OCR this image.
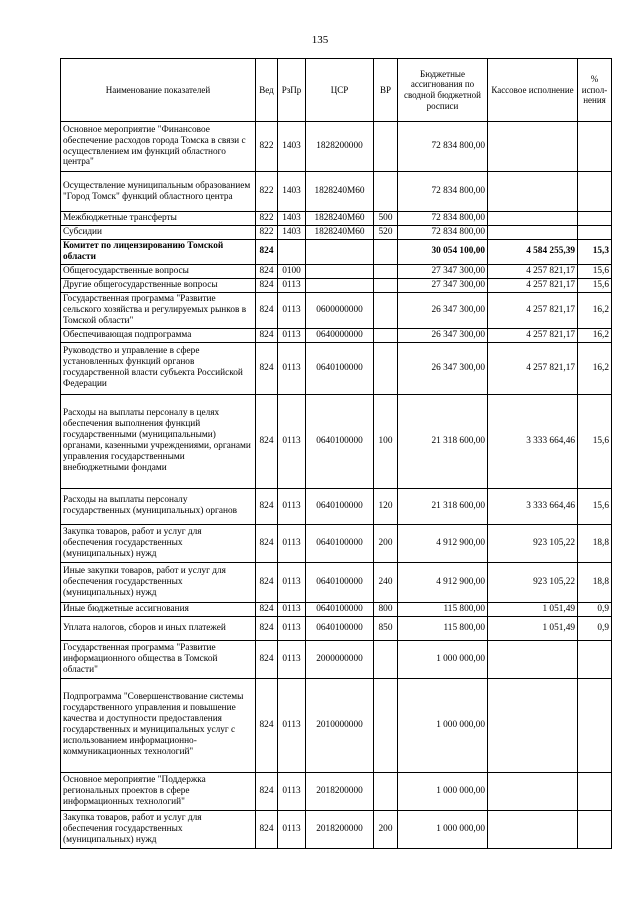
135
Наименование показателей	Вед	РзПр	ЦСР	ВР	Бюджетные ассигнования по сводной бюджетной росписи	Кассовое исполнение	% испол-нения
Основное мероприятие "Финансовое обеспечение расходов города Томска в связи с осуществлением им функций областного центра"	822	1403	1828200000		72 834 800,00		
Осуществление муниципальным образованием "Город Томск" функций областного центра	822	1403	1828240М60		72 834 800,00		
Межбюджетные трансферты	822	1403	1828240М60	500	72 834 800,00		
Субсидии	822	1403	1828240М60	520	72 834 800,00		
Комитет по лицензированию Томской области	824				30 054 100,00	4 584 255,39	15,3
Общегосударственные вопросы	824	0100			27 347 300,00	4 257 821,17	15,6
Другие общегосударственные вопросы	824	0113			27 347 300,00	4 257 821,17	15,6
Государственная программа "Развитие сельского хозяйства и регулируемых рынков в Томской области"	824	0113	0600000000		26 347 300,00	4 257 821,17	16,2
Обеспечивающая подпрограмма	824	0113	0640000000		26 347 300,00	4 257 821,17	16,2
Руководство и управление в сфере установленных функций органов государственной власти субъекта Российской Федерации	824	0113	0640100000		26 347 300,00	4 257 821,17	16,2
Расходы на выплаты персоналу в целях обеспечения выполнения функций государственными (муниципальными) органами, казенными учреждениями, органами управления государственными внебюджетными фондами	824	0113	0640100000	100	21 318 600,00	3 333 664,46	15,6
Расходы на выплаты персоналу государственных (муниципальных) органов	824	0113	0640100000	120	21 318 600,00	3 333 664,46	15,6
Закупка товаров, работ и услуг для обеспечения государственных (муниципальных) нужд	824	0113	0640100000	200	4 912 900,00	923 105,22	18,8
Иные закупки товаров, работ и услуг для обеспечения государственных (муниципальных) нужд	824	0113	0640100000	240	4 912 900,00	923 105,22	18,8
Иные бюджетные ассигнования	824	0113	0640100000	800	115 800,00	1 051,49	0,9
Уплата налогов, сборов и иных платежей	824	0113	0640100000	850	115 800,00	1 051,49	0,9
Государственная программа "Развитие информационного общества в Томской области"	824	0113	2000000000		1 000 000,00		
Подпрограмма "Совершенствование системы государственного управления и повышение качества и доступности предоставления государственных и муниципальных услуг с использованием информационно-коммуникационных технологий"	824	0113	2010000000		1 000 000,00		
Основное мероприятие "Поддержка региональных проектов в сфере информационных технологий"	824	0113	2018200000		1 000 000,00		
Закупка товаров, работ и услуг для обеспечения государственных (муниципальных) нужд	824	0113	2018200000	200	1 000 000,00		
